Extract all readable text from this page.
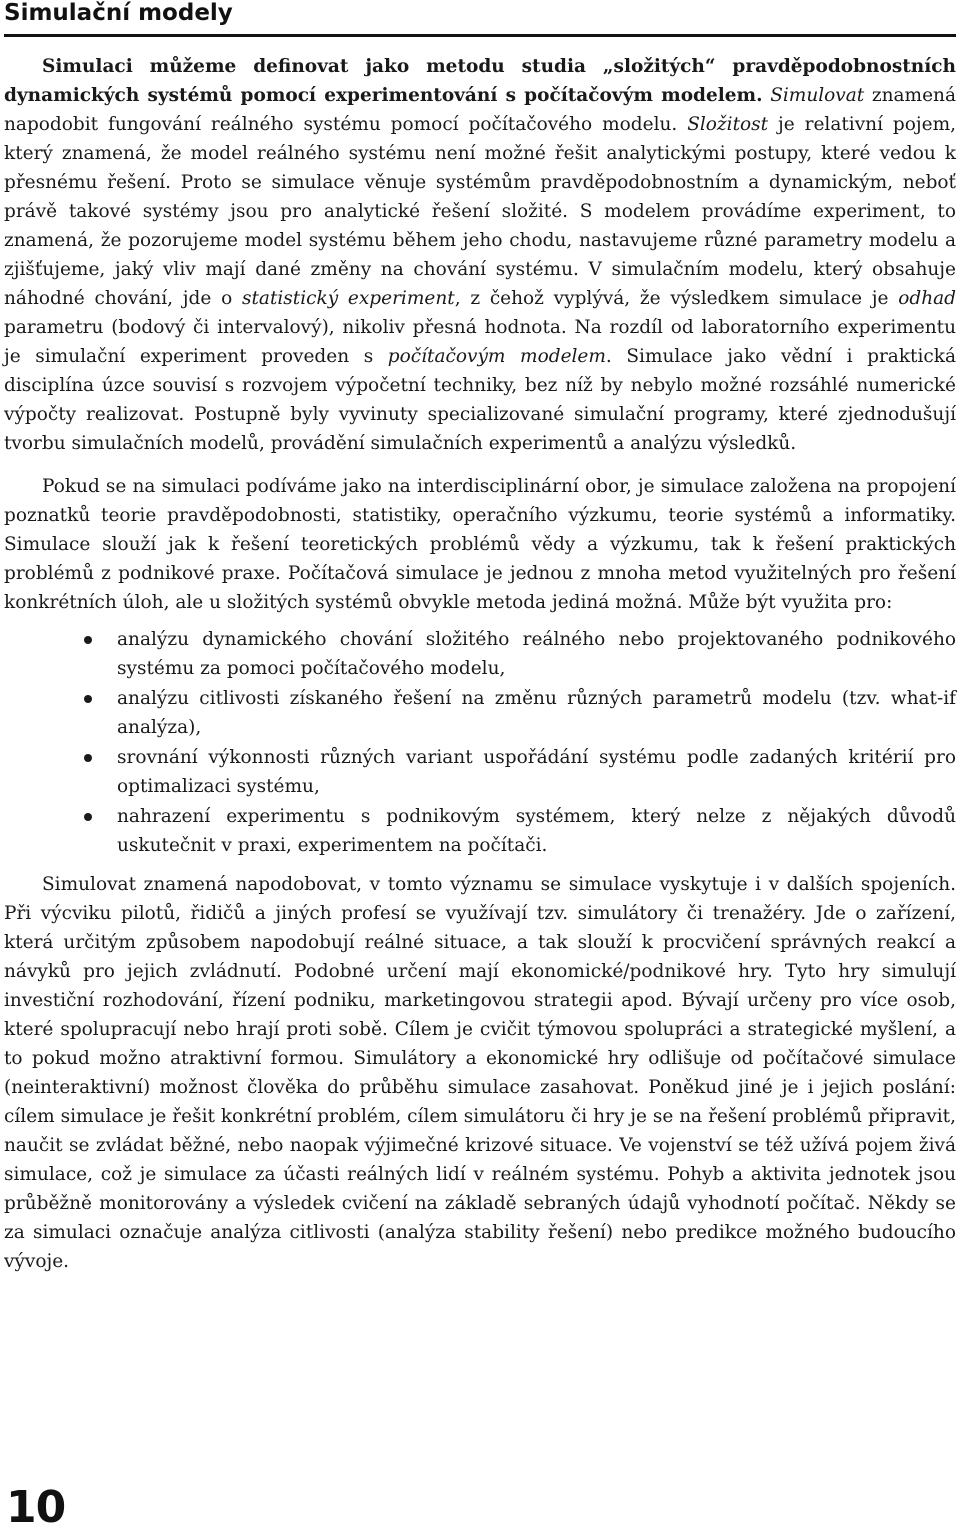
Simulační modely

Simulaci můžeme definovat jako metodu studia „složitých“ pravděpodobnostních dynamických systémů pomocí experimentování s počítačovým modelem. Simulovat znamená napodobit fungování reálného systému pomocí počítačového modelu. Složitost je relativní pojem, který znamená, že model reálného systému není možné řešit analytickými postupy, které vedou k přesnému řešení. Proto se simulace věnuje systémům pravděpodobnostním a dynamickým, neboť právě takové systémy jsou pro analytické řešení složité. S modelem provádíme experiment, to znamená, že pozorujeme model systému během jeho chodu, nastavujeme různé parametry modelu a zjišťujeme, jaký vliv mají dané změny na chování systému. V simulačním modelu, který obsahuje náhodné chování, jde o statistický experiment, z čehož vyplývá, že výsledkem simulace je odhad parametru (bodový či intervalový), nikoliv přesná hodnota. Na rozdíl od laboratorního experimentu je simulační experiment proveden s počítačovým modelem. Simulace jako vědní i praktická disciplína úzce souvisí s rozvojem výpočetní techniky, bez níž by nebylo možné rozsáhlé numerické výpočty realizovat. Postupně byly vyvinuty specializované simulační programy, které zjednodušují tvorbu simulačních modelů, provádění simulačních experimentů a analýzu výsledků.

Pokud se na simulaci podíváme jako na interdisciplinární obor, je simulace založena na propojení poznatků teorie pravděpodobnosti, statistiky, operačního výzkumu, teorie systémů a informatiky. Simulace slouží jak k řešení teoretických problémů vědy a výzkumu, tak k řešení praktických problémů z podnikové praxe. Počítačová simulace je jednou z mnoha metod využitelných pro řešení konkrétních úloh, ale u složitých systémů obvykle metoda jediná možná. Může být využita pro:

analýzu dynamického chování složitého reálného nebo projektovaného podnikového systému za pomoci počítačového modelu,
analýzu citlivosti získaného řešení na změnu různých parametrů modelu (tzv. what-if analýza),
srovnání výkonnosti různých variant uspořádání systému podle zadaných kritérií pro optimalizaci systému,
nahrazení experimentu s podnikovým systémem, který nelze z nějakých důvodů uskutečnit v praxi, experimentem na počítači.

Simulovat znamená napodobovat, v tomto významu se simulace vyskytuje i v dalších spojeních. Při výcviku pilotů, řidičů a jiných profesí se využívají tzv. simulátory či trenažéry. Jde o zařízení, která určitým způsobem napodobují reálné situace, a tak slouží k procvičení správných reakcí a návyků pro jejich zvládnutí. Podobné určení mají ekonomické/podnikové hry. Tyto hry simulují investiční rozhodování, řízení podniku, marketingovou strategii apod. Bývají určeny pro více osob, které spolupracují nebo hrají proti sobě. Cílem je cvičit týmovou spolupráci a strategické myšlení, a to pokud možno atraktivní formou. Simulátory a ekonomické hry odlišuje od počítačové simulace (neinteraktivní) možnost člověka do průběhu simulace zasahovat. Poněkud jiné je i jejich poslání: cílem simulace je řešit konkrétní problém, cílem simulátoru či hry je se na řešení problémů připravit, naučit se zvládat běžné, nebo naopak výjimečné krizové situace. Ve vojenství se též užívá pojem živá simulace, což je simulace za účasti reálných lidí v reálném systému. Pohyb a aktivita jednotek jsou průběžně monitorovány a výsledek cvičení na základě sebraných údajů vyhodnotí počítač. Někdy se za simulaci označuje analýza citlivosti (analýza stability řešení) nebo predikce možného budoucího vývoje.

10
